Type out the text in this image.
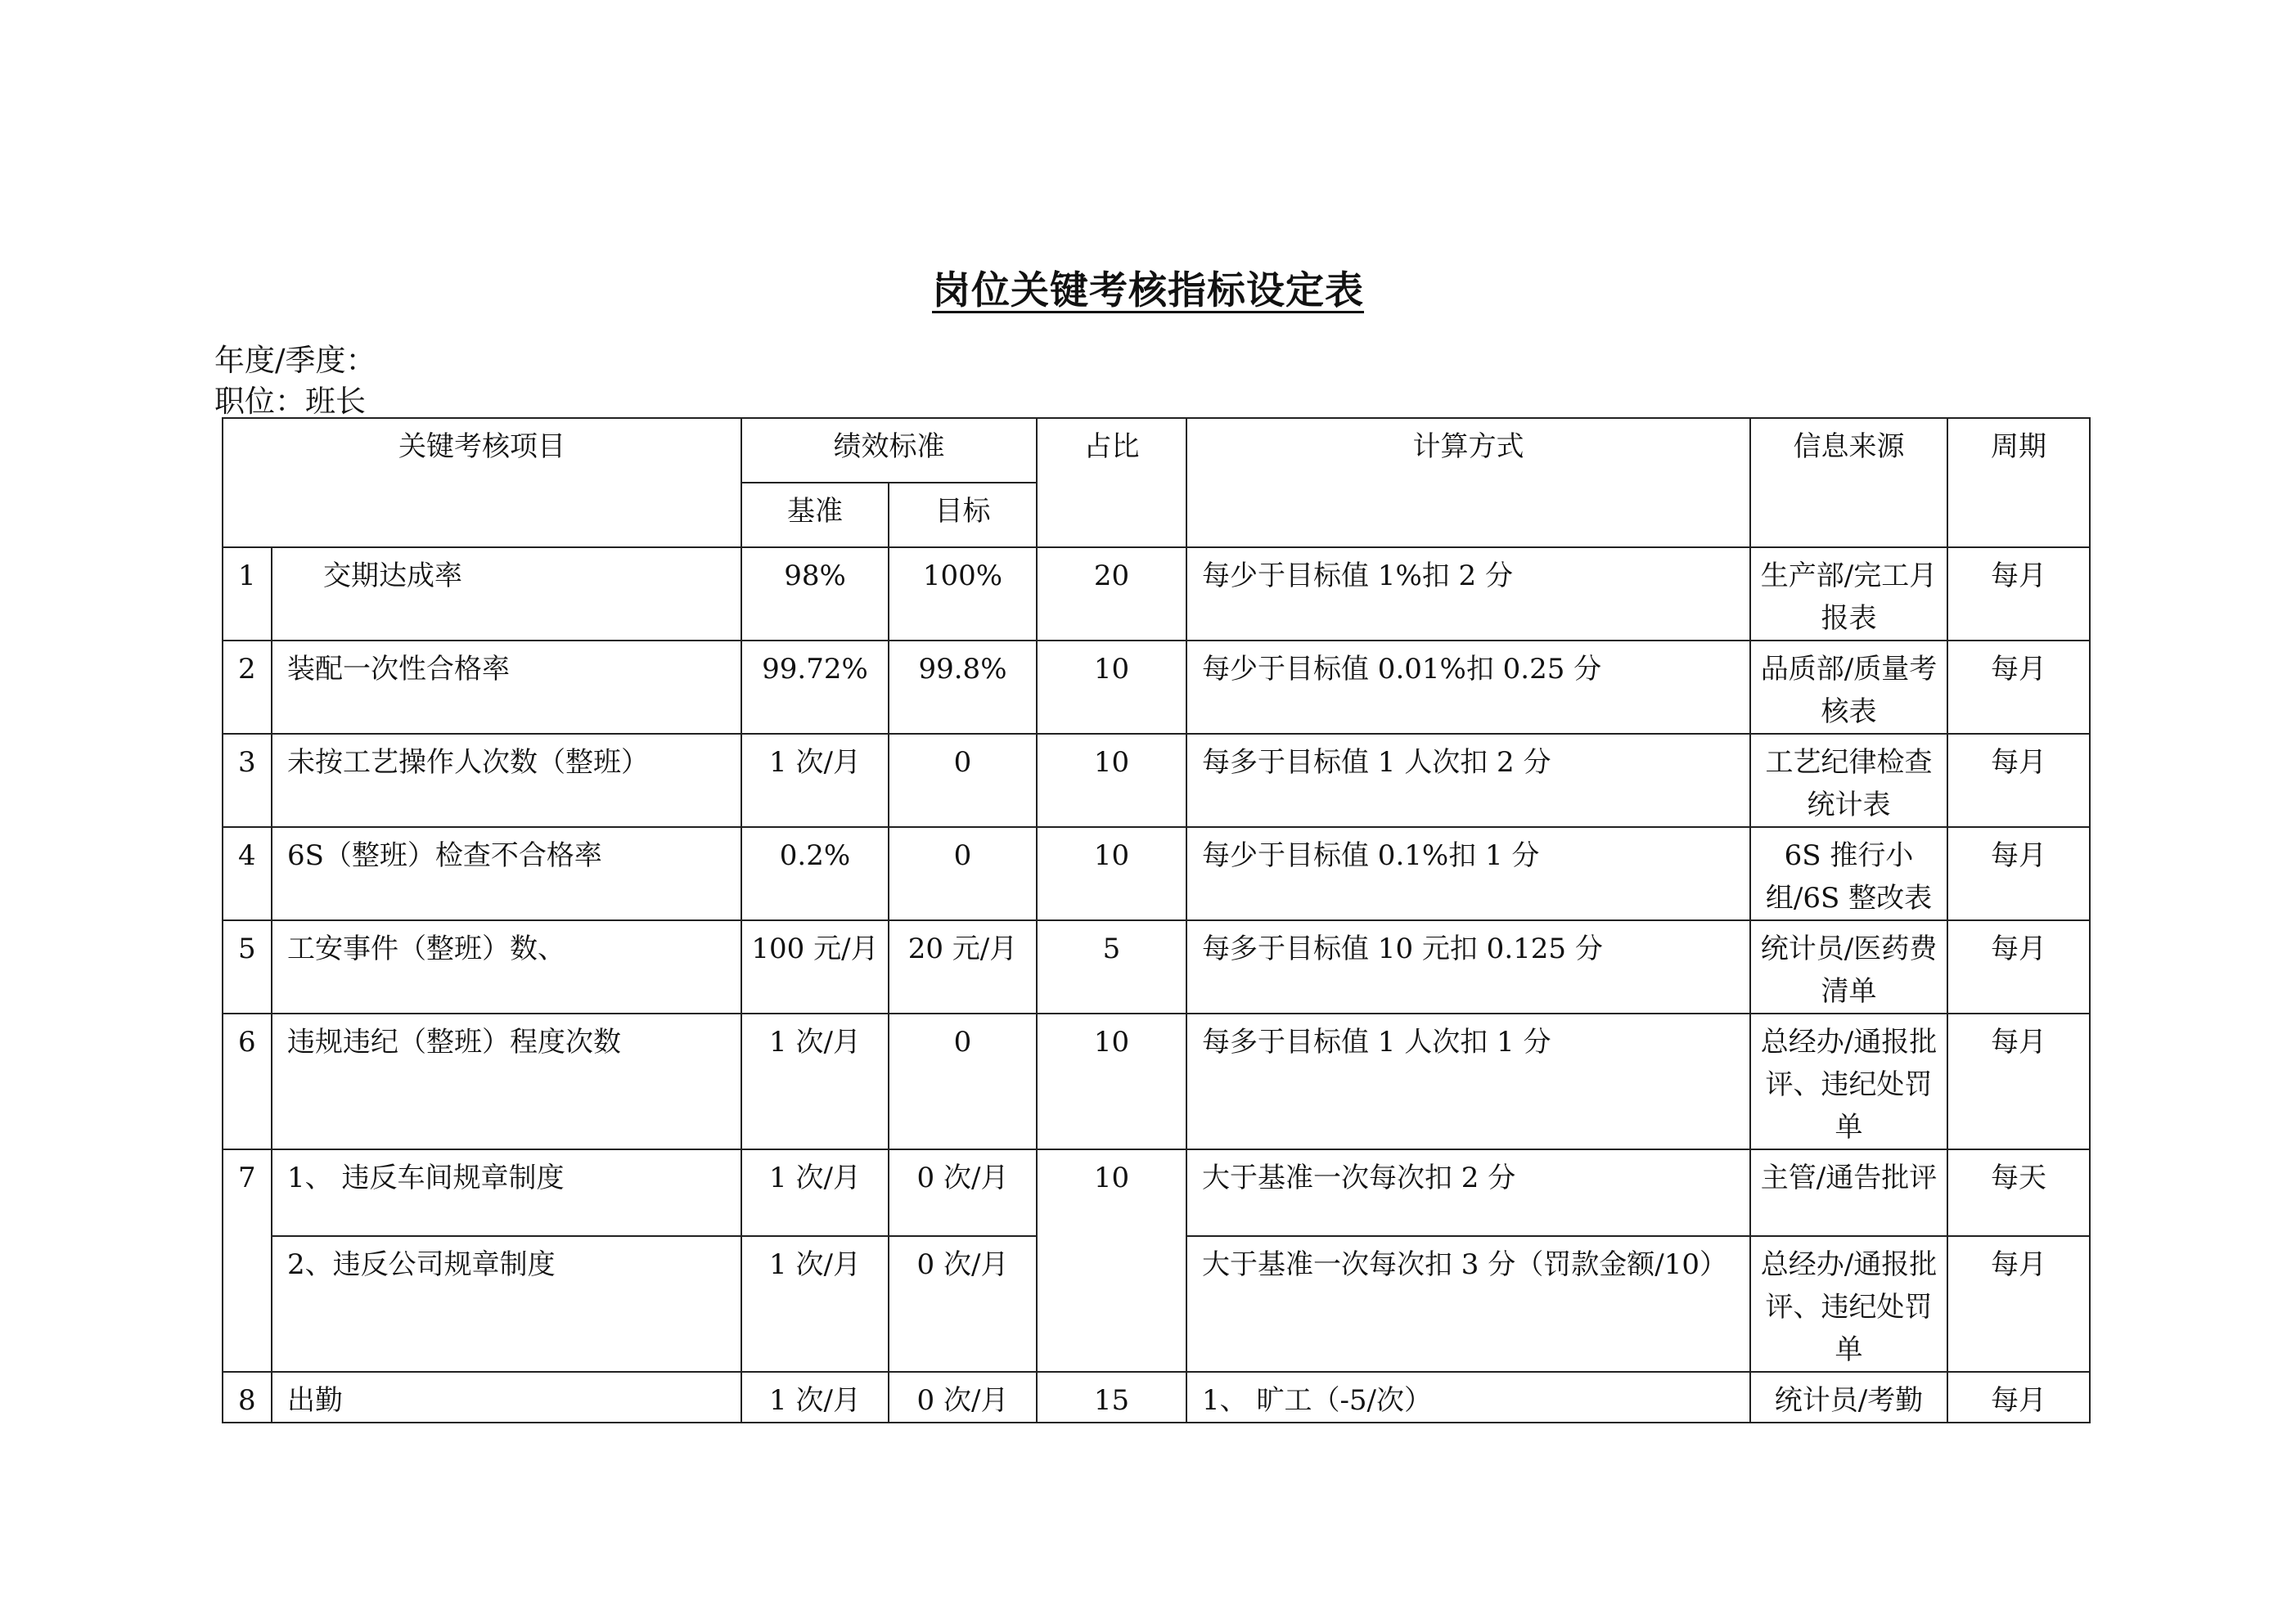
岗位关键考核指标设定表
年度/季度：
职位：班长
关键考核项目		绩效标准		占比	计算方式	信息来源	周期
		基准	目标				
1	交期达成率	98%	100%	20	每少于目标值 1%扣 2 分	生产部/完工月报表	每月
2	装配一次性合格率	99.72%	99.8%	10	每少于目标值 0.01%扣 0.25 分	品质部/质量考核表	每月
3	未按工艺操作人次数（整班）	1 次/月	0	10	每多于目标值 1 人次扣 2 分	工艺纪律检查统计表	每月
4	6S（整班）检查不合格率	0.2%	0	10	每少于目标值 0.1%扣 1 分	6S 推行小组/6S 整改表	每月
5	工安事件（整班）数、	100 元/月	20 元/月	5	每多于目标值 10 元扣 0.125 分	统计员/医药费清单	每月
6	违规违纪（整班）程度次数	1 次/月	0	10	每多于目标值 1 人次扣 1 分	总经办/通报批评、违纪处罚单	每月
7	1、 违反车间规章制度	1 次/月	0 次/月	10	大于基准一次每次扣 2 分	主管/通告批评	每天
	2、违反公司规章制度	1 次/月	0 次/月		大于基准一次每次扣 3 分（罚款金额/10）	总经办/通报批评、违纪处罚单	每月
8	出勤	1 次/月	0 次/月	15	1、 旷工（-5/次）	统计员/考勤	每月
